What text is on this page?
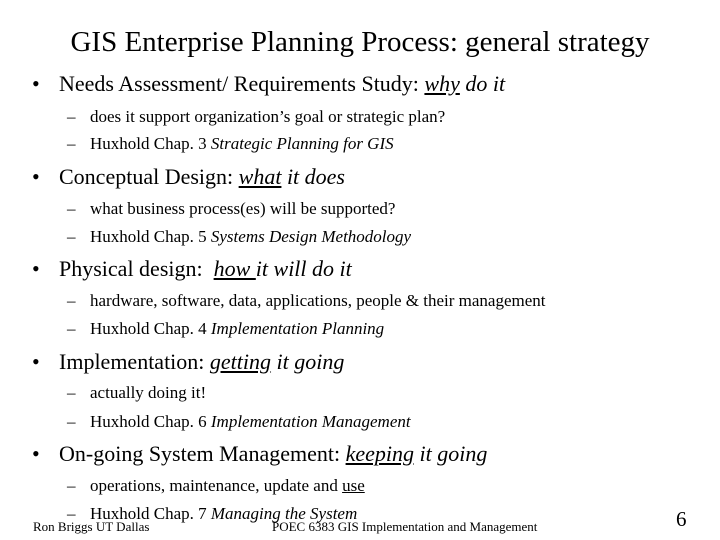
GIS Enterprise Planning Process: general strategy
• Needs Assessment/ Requirements Study: why do it
– does it support organization’s goal or strategic plan?
– Huxhold Chap. 3 Strategic Planning for GIS
• Conceptual Design: what it does
– what business process(es) will be supported?
– Huxhold Chap. 5 Systems Design Methodology
• Physical design:  how it will do it
– hardware, software, data, applications, people & their management
– Huxhold Chap. 4 Implementation Planning
• Implementation: getting it going
– actually doing it!
– Huxhold Chap. 6 Implementation Management
• On-going System Management: keeping it going
– operations, maintenance, update and use
– Huxhold Chap. 7 Managing the System
Ron Briggs UT Dallas	POEC 6383 GIS Implementation and Management	6
